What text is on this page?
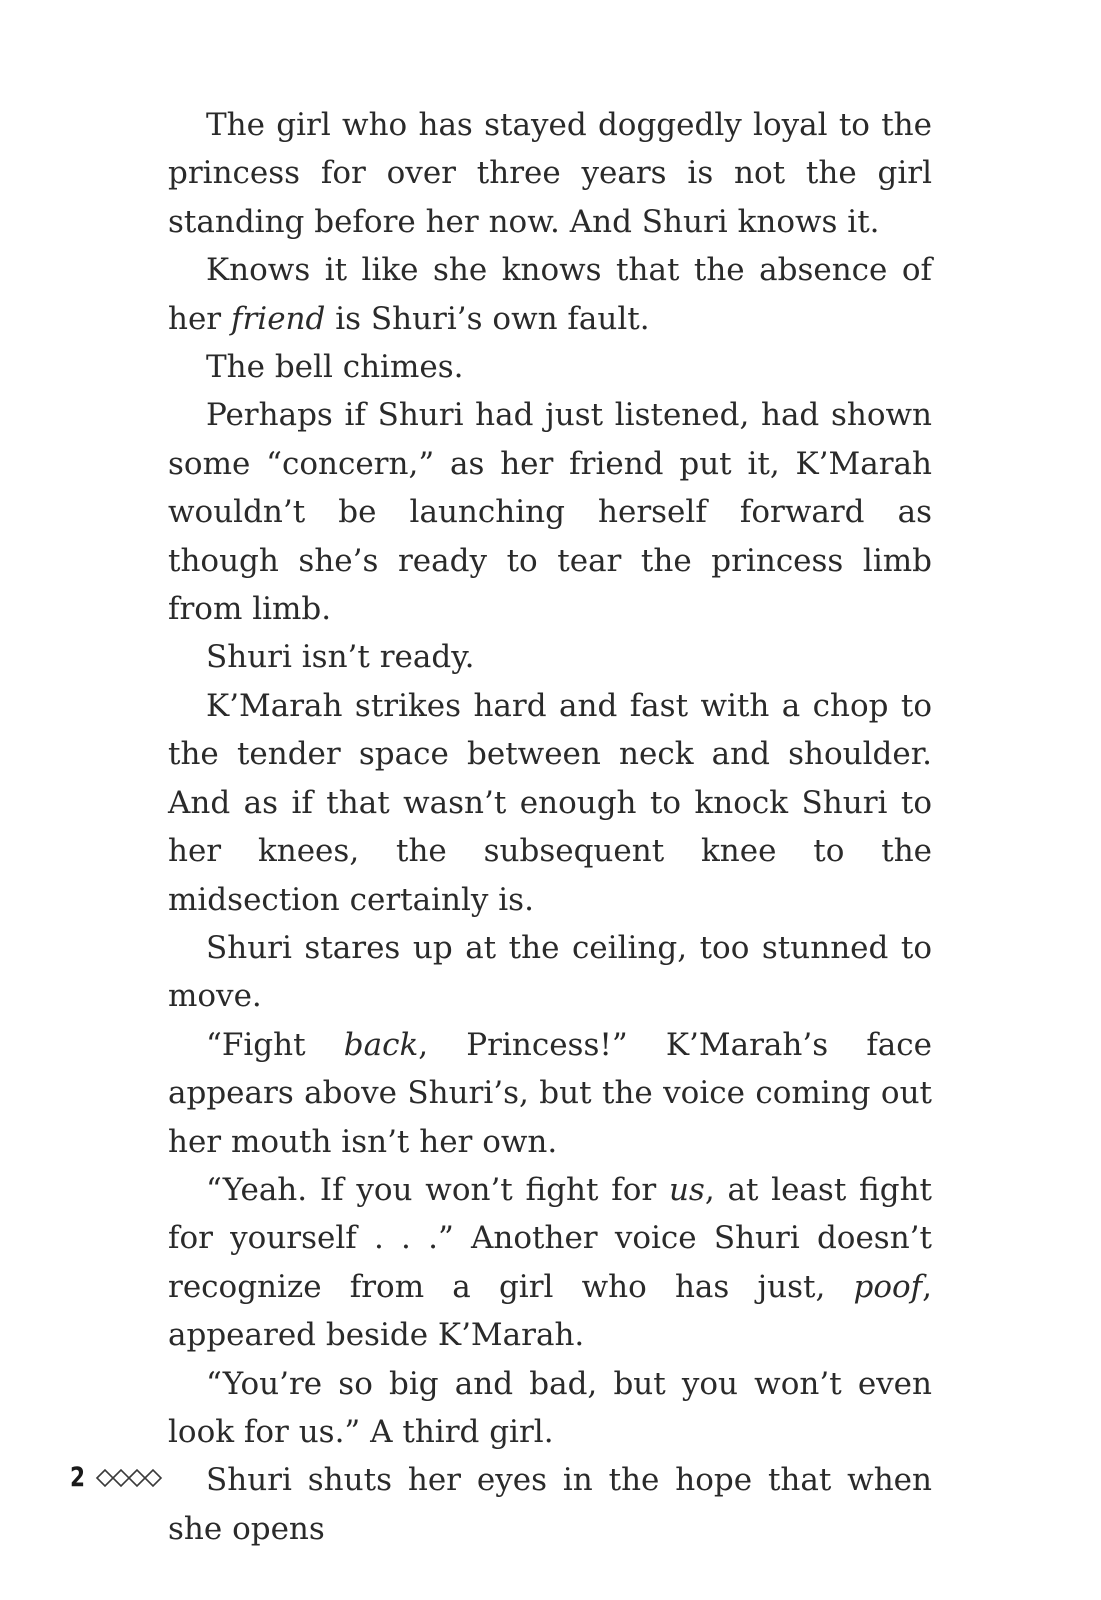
The girl who has stayed doggedly loyal to the princess for over three years is not the girl standing before her now. And Shuri knows it.

Knows it like she knows that the absence of her friend is Shuri’s own fault.

The bell chimes.

Perhaps if Shuri had just listened, had shown some “concern,” as her friend put it, K’Marah wouldn’t be launching herself forward as though she’s ready to tear the princess limb from limb.

Shuri isn’t ready.

K’Marah strikes hard and fast with a chop to the tender space between neck and shoulder. And as if that wasn’t enough to knock Shuri to her knees, the subsequent knee to the midsection certainly is.

Shuri stares up at the ceiling, too stunned to move.

“Fight back, Princess!” K’Marah’s face appears above Shuri’s, but the voice coming out her mouth isn’t her own.

“Yeah. If you won’t fight for us, at least fight for yourself . . .” Another voice Shuri doesn’t recognize from a girl who has just, poof, appeared beside K’Marah.

“You’re so big and bad, but you won’t even look for us.” A third girl.

Shuri shuts her eyes in the hope that when she opens

2
